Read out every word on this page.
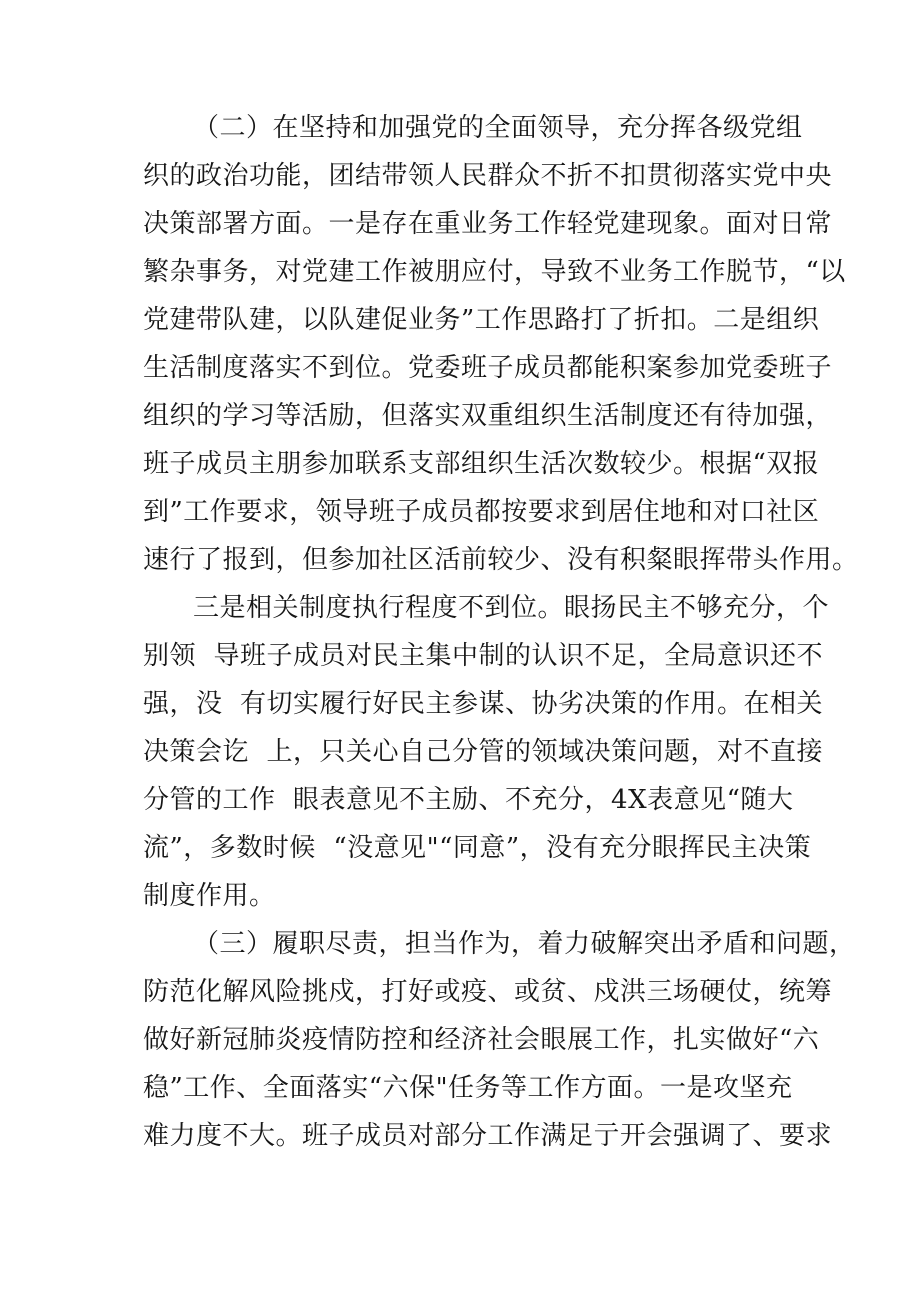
（二）在坚持和加强党的全面领导，充分挥各级党组
织的政治功能，团结带领人民群众不折不扣贯彻落实党中央
决策部署方面。一是存在重业务工作轻党建现象。面对日常
繁杂事务，对党建工作被朋应付，导致不业务工作脱节，“以
党建带队建，以队建促业务”工作思路打了折扣。二是组织
生活制度落实不到位。党委班子成员都能积案参加党委班子
组织的学习等活励，但落实双重组织生活制度还有待加强，
班子成员主朋参加联系支部组织生活次数较少。根据“双报
到”工作要求，领导班子成员都按要求到居住地和对口社区
速行了报到，但参加社区活前较少、没有积粲眼挥带头作用。
三是相关制度执行程度不到位。眼扬民主不够充分，个
别领  导班子成员对民主集中制的认识不足，全局意识还不
强，没  有切实履行好民主参谋、协劣决策的作用。在相关
决策会讫  上，只关心自己分管的领域决策问题，对不直接
分管的工作  眼表意见不主励、不充分，4X表意见“随大
流”，多数时候  “没意见"“同意”，没有充分眼挥民主决策
制度作用。
（三）履职尽责，担当作为，着力破解突出矛盾和问题，
防范化解风险挑戍，打好或疫、或贫、戍洪三场硬仗，统筹
做好新冠肺炎疫情防控和经济社会眼展工作，扎实做好“六
稳”工作、全面落实“六保"任务等工作方面。一是攻坚充
难力度不大。班子成员对部分工作满足亍开会强调了、要求
